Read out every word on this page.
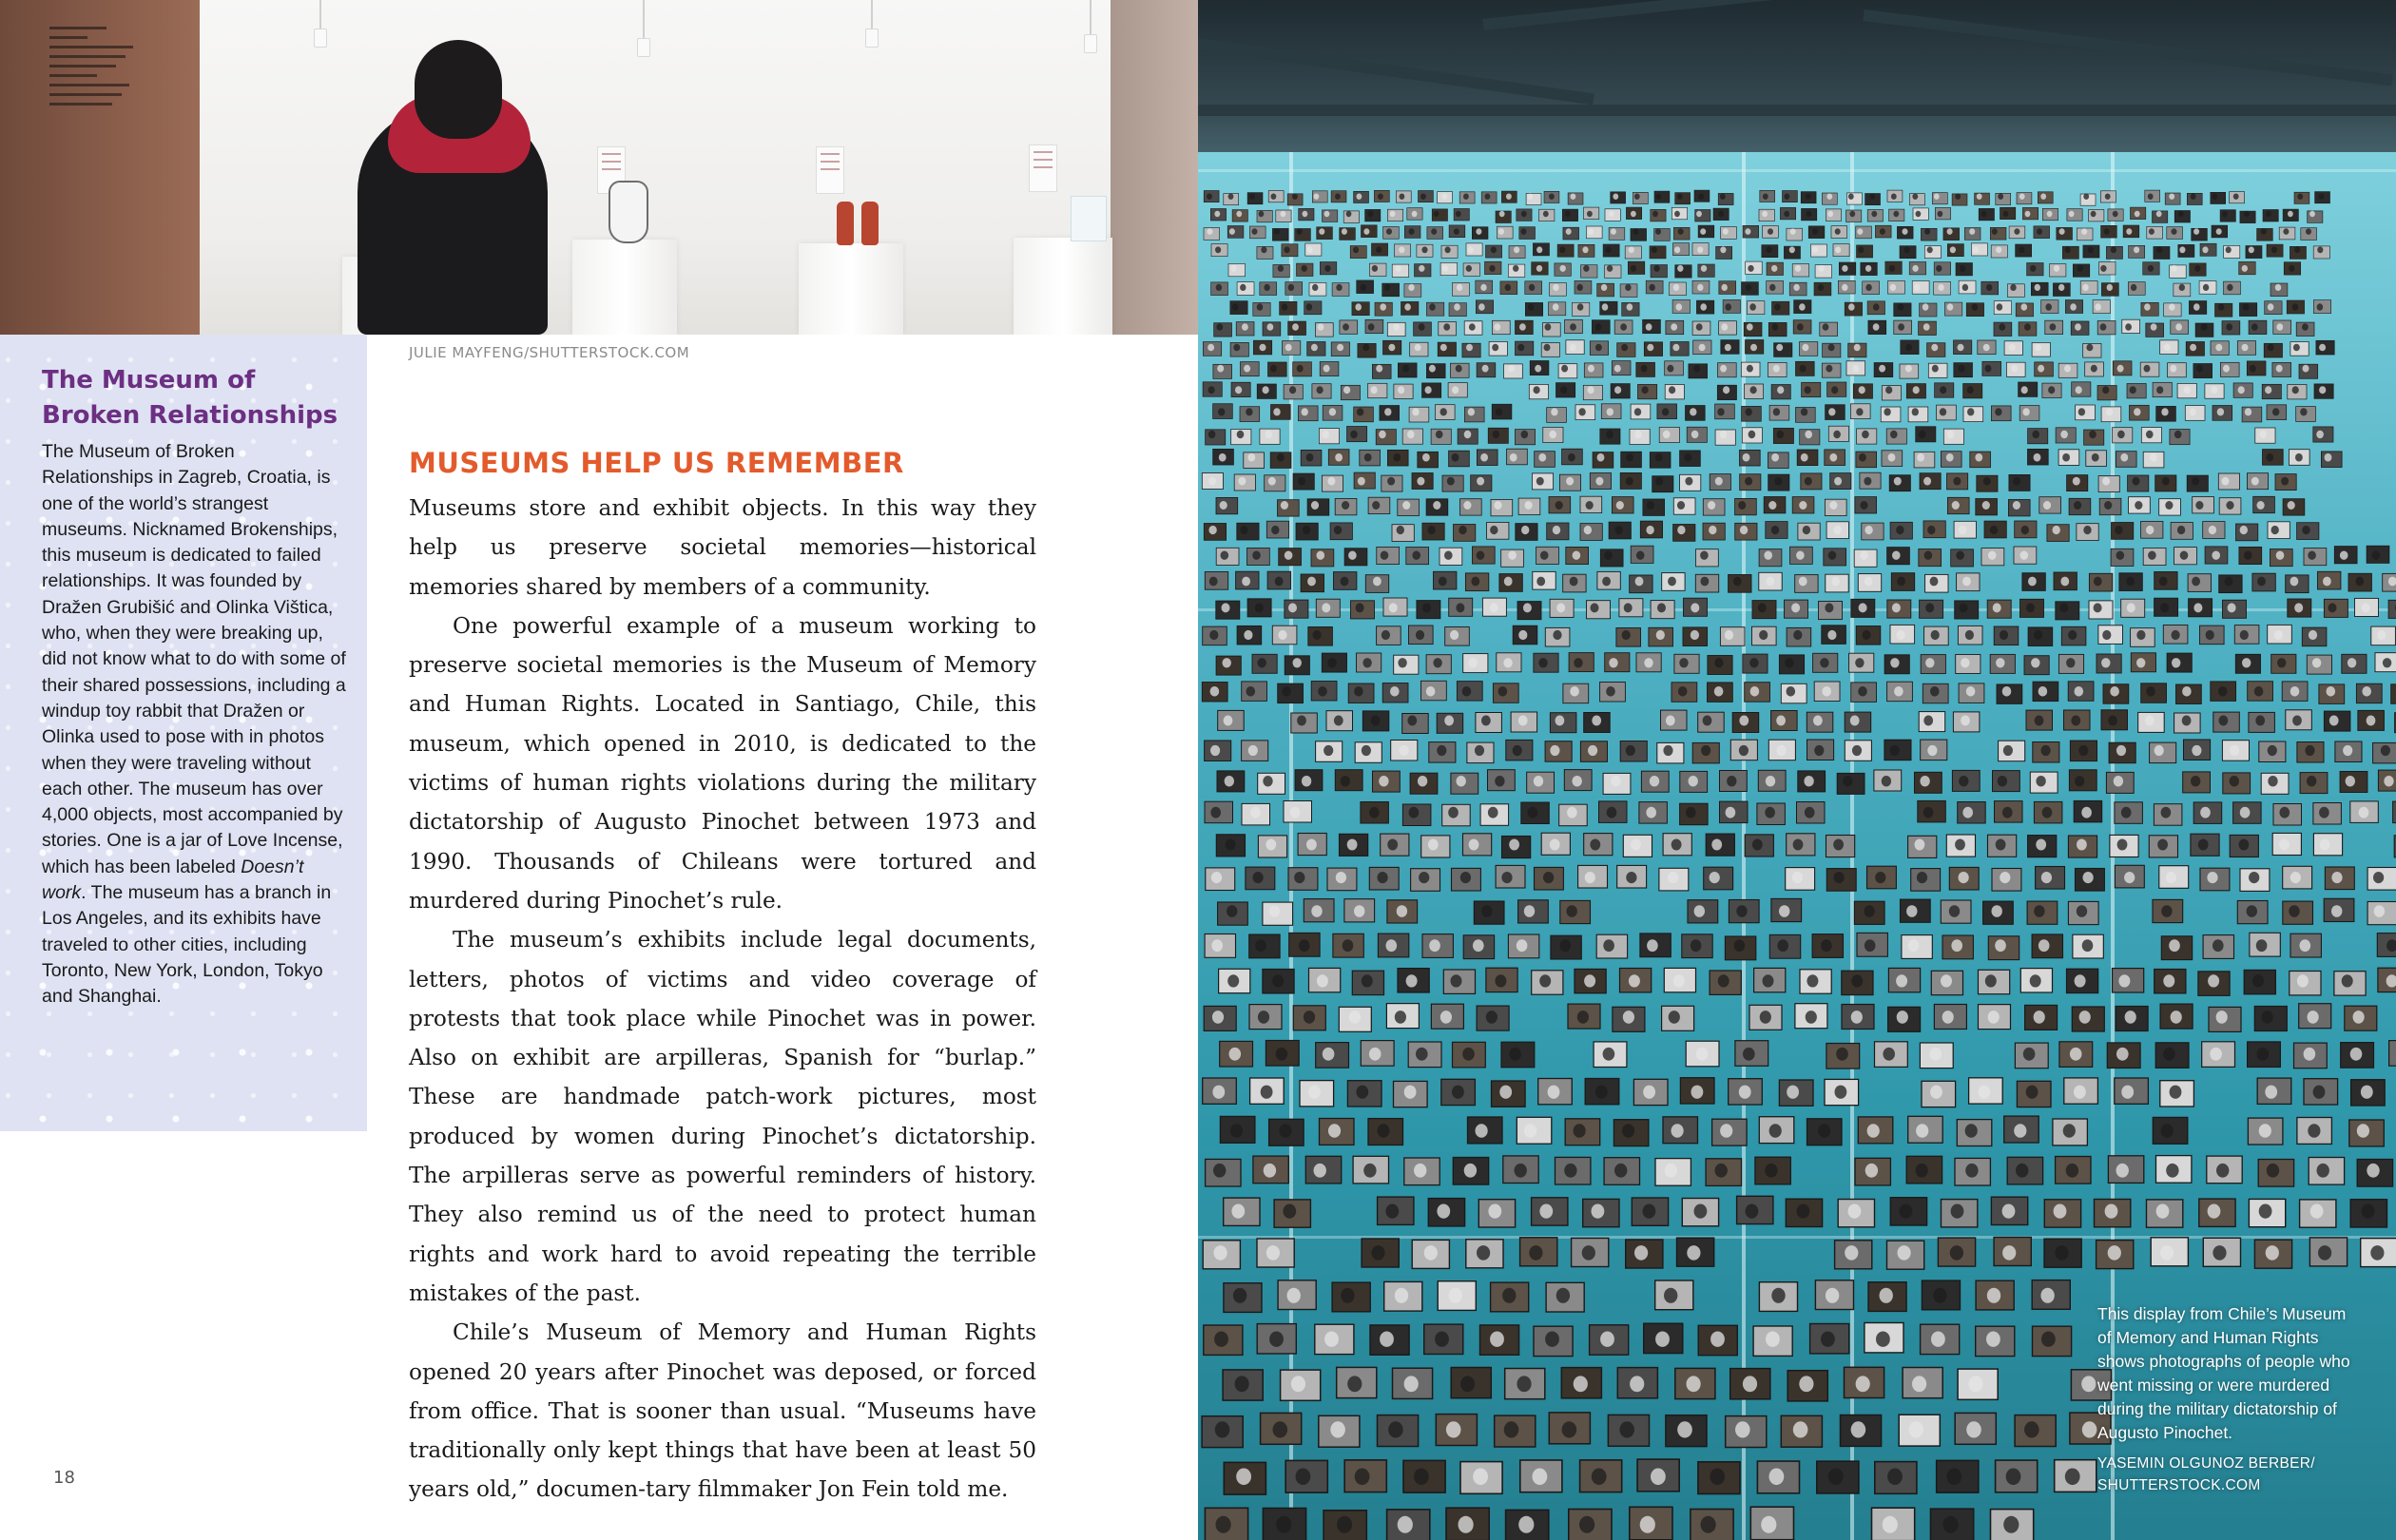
JULIE MAYFENG/SHUTTERSTOCK.COM
The Museum of
Broken Relationships
The Museum of Broken Relationships in Zagreb, Croatia, is one of the world’s strangest museums. Nicknamed Brokenships, this museum is dedicated to failed relationships. It was founded by Dražen Grubišić and Olinka Vištica, who, when they were breaking up, did not know what to do with some of their shared possessions, including a windup toy rabbit that Dražen or Olinka used to pose with in photos when they were traveling without each other. The museum has over 4,000 objects, most accompanied by stories. One is a jar of Love Incense, which has been labeled Doesn’t work. The museum has a branch in Los Angeles, and its exhibits have traveled to other cities, including Toronto, New York, London, Tokyo and Shanghai.
MUSEUMS HELP US REMEMBER

Museums store and exhibit objects. In this way they help us preserve societal memories—historical memories shared by members of a community.

One powerful example of a museum working to preserve societal memories is the Museum of Memory and Human Rights. Located in Santiago, Chile, this museum, which opened in 2010, is dedicated to the victims of human rights violations during the military dictatorship of Augusto Pinochet between 1973 and 1990. Thousands of Chileans were tortured and murdered during Pinochet’s rule.

The museum’s exhibits include legal documents, letters, photos of victims and video coverage of protests that took place while Pinochet was in power. Also on exhibit are arpilleras, Spanish for “burlap.” These are handmade patch-work pictures, most produced by women during Pinochet’s dictatorship. The arpilleras serve as powerful reminders of history. They also remind us of the need to protect human rights and work hard to avoid repeating the terrible mistakes of the past.

Chile’s Museum of Memory and Human Rights opened 20 years after Pinochet was deposed, or forced from office. That is sooner than usual. “Museums have traditionally only kept things that have been at least 50 years old,” documen-tary filmmaker Jon Fein told me.

18
This display from Chile’s Museum of Memory and Human Rights shows photographs of people who went missing or were murdered during the military dictatorship of Augusto Pinochet.
YASEMIN OLGUNOZ BERBER/
SHUTTERSTOCK.COM
